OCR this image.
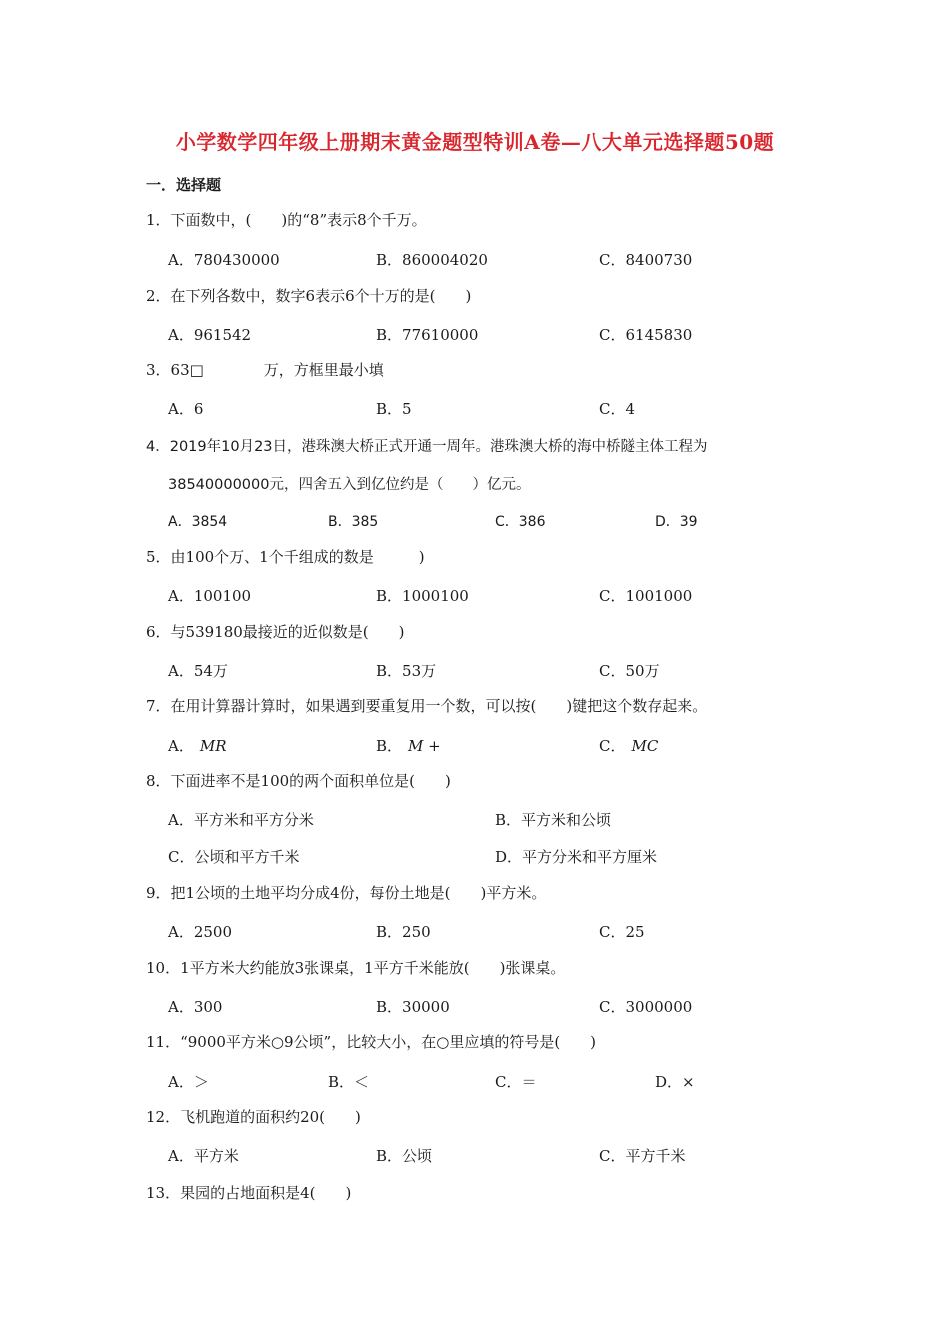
小学数学四年级上册期末黄金题型特训A卷—八大单元选择题50题
一．选择题
1．下面数中，(　　)的“8”表示8个千万。
A．780430000	B．860004020	C．8400730
2．在下列各数中，数字6表示6个十万的是(　　)
A．961542	B．77610000	C．6145830
3．63□　　　　万，方框里最小填
A．6	B．5	C．4
4．2019年10月23日，港珠澳大桥正式开通一周年。港珠澳大桥的海中桥隧主体工程为
38540000000元，四舍五入到亿位约是（　　）亿元。
A．3854	B．385	C．386	D．39
5．由100个万、1个千组成的数是　　　)
A．100100	B．1000100	C．1001000
6．与539180最接近的近似数是(　　)
A．54万	B．53万	C．50万
7．在用计算器计算时，如果遇到要重复用一个数，可以按(　　)键把这个数存起来。
A． MR	B． M +	C． MC
8．下面进率不是100的两个面积单位是(　　)
A．平方米和平方分米	B．平方米和公顷
C．公顷和平方千米	D．平方分米和平方厘米
9．把1公顷的土地平均分成4份，每份土地是(　　)平方米。
A．2500	B．250	C．25
10．1平方米大约能放3张课桌，1平方千米能放(　　)张课桌。
A．300	B．30000	C．3000000
11．“9000平方米○9公顷”，比较大小，在○里应填的符号是(　　)
A．＞	B．＜	C．＝	D．×
12．飞机跑道的面积约20(　　)
A．平方米	B．公顷	C．平方千米
13．果园的占地面积是4(　　)
